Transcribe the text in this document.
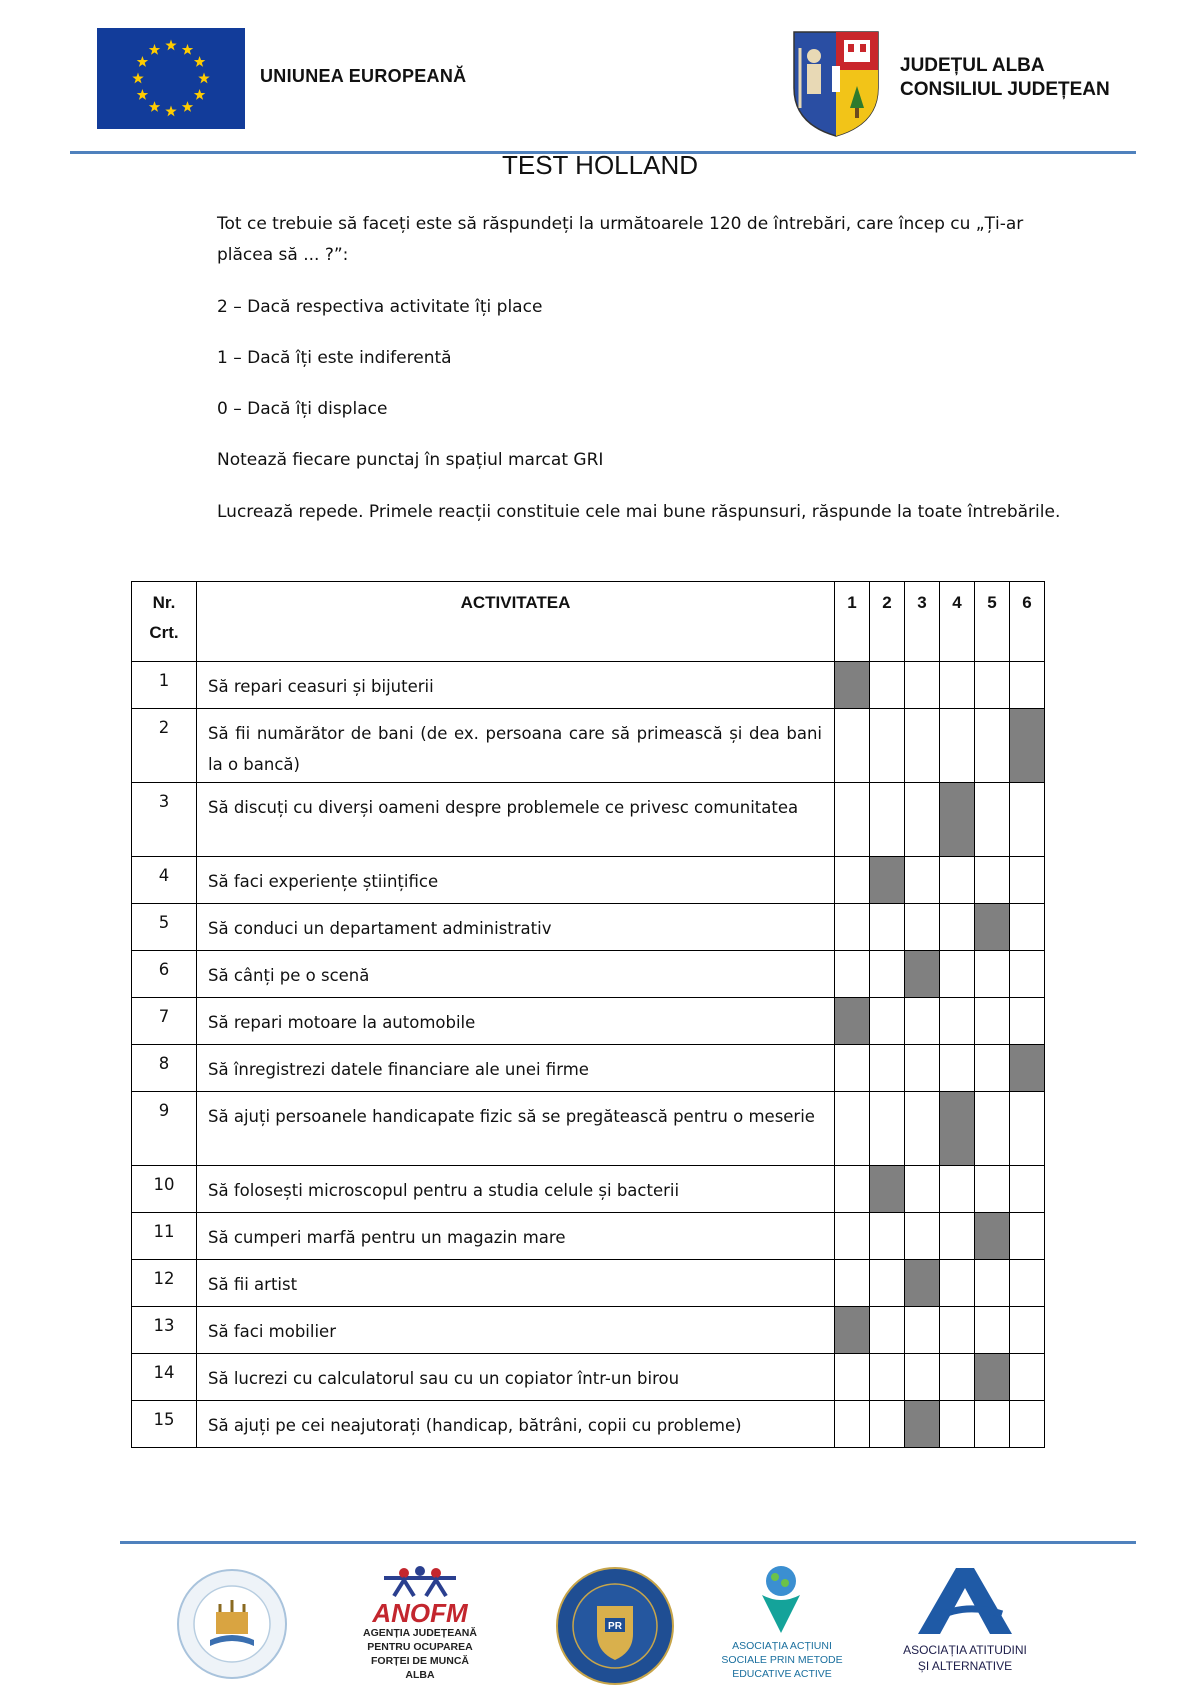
UNIUNEA EUROPEANĂ	JUDEȚUL ALBA
CONSILIUL JUDEȚEAN
TEST HOLLAND
Tot ce trebuie să faceți este să răspundeți la următoarele 120 de întrebări, care încep cu „Ți-ar plăcea să ... ?”:
2 – Dacă respectiva activitate îți place
1 – Dacă îți este indiferentă
0 – Dacă îți displace
Notează fiecare punctaj în spațiul marcat GRI
Lucrează repede. Primele reacții constituie cele mai bune răspunsuri, răspunde la toate întrebările.
Nr. Crt.	ACTIVITATEA	1	2	3	4	5	6
1	Să repari ceasuri și bijuterii						
2	Să fii numărător de bani (de ex. persoana care să primească și dea bani la o bancă)						
3	Să discuți cu diverși oameni despre problemele ce privesc comunitatea						
4	Să faci experiențe științifice						
5	Să conduci un departament administrativ						
6	Să cânți pe o scenă						
7	Să repari motoare la automobile						
8	Să înregistrezi datele financiare ale unei firme						
9	Să ajuți persoanele handicapate fizic să se pregătească pentru o meserie						
10	Să folosești microscopul pentru a studia celule și bacterii						
11	Să cumperi marfă pentru un magazin mare						
12	Să fii artist						
13	Să faci mobilier						
14	Să lucrezi cu calculatorul sau cu un copiator într-un birou						
15	Să ajuți pe cei neajutorați (handicap, bătrâni, copii cu probleme)						
ANOFM
AGENȚIA JUDEȚEANĂ
PENTRU OCUPAREA
FORȚEI DE MUNCĂ
ALBA
PR
ASOCIAȚIA ACȚIUNI
SOCIALE PRIN METODE
EDUCATIVE ACTIVE
ASOCIAȚIA ATITUDINI
ȘI ALTERNATIVE
